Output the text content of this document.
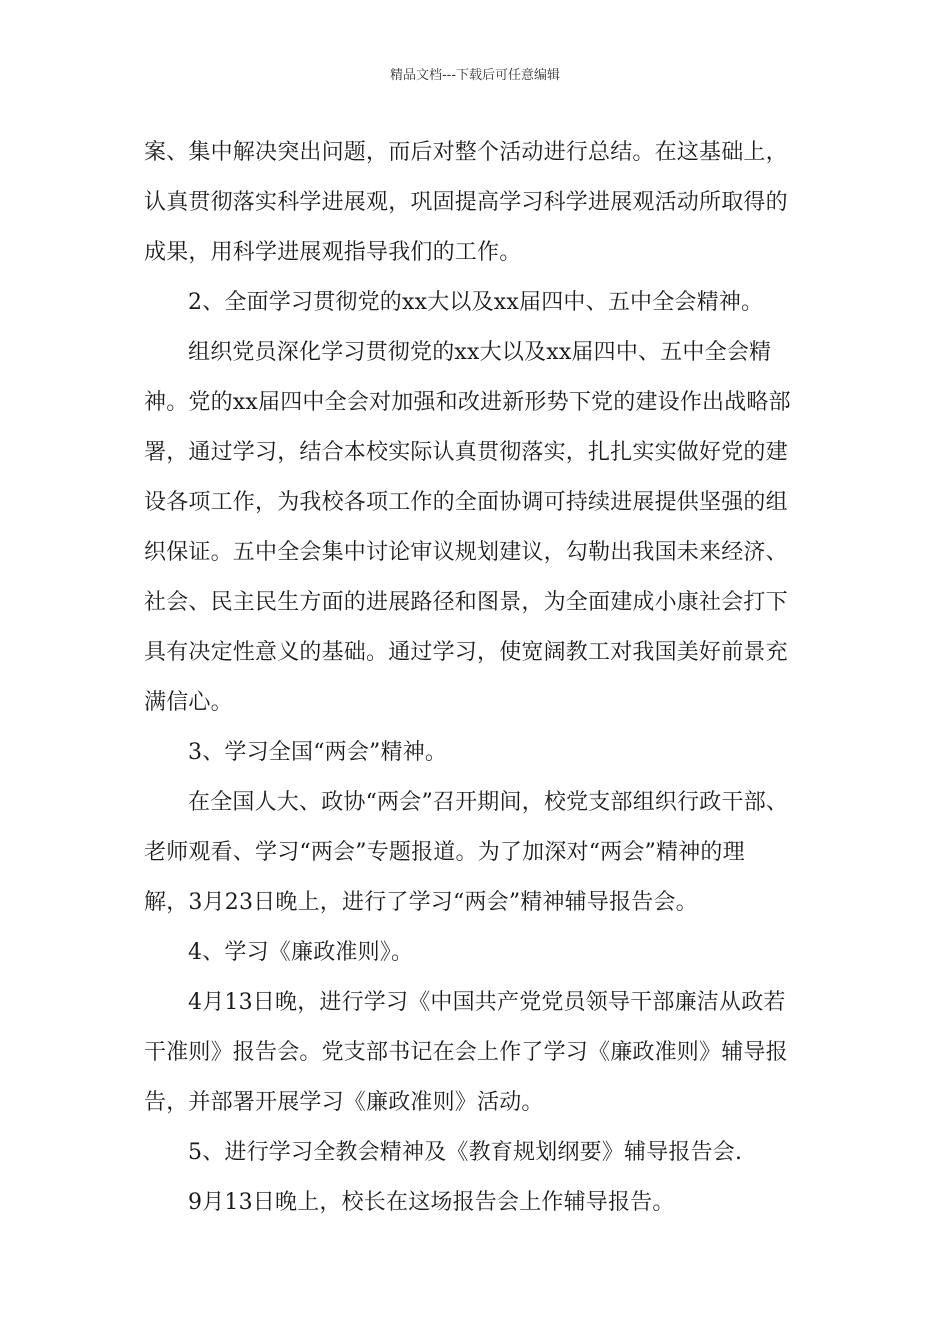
精品文档---下载后可任意编辑
案、集中解决突出问题，而后对整个活动进行总结。在这基础上，
认真贯彻落实科学进展观，巩固提高学习科学进展观活动所取得的
成果，用科学进展观指导我们的工作。
2、全面学习贯彻党的xx大以及xx届四中、五中全会精神。
组织党员深化学习贯彻党的xx大以及xx届四中、五中全会精
神。党的xx届四中全会对加强和改进新形势下党的建设作出战略部
署，通过学习，结合本校实际认真贯彻落实，扎扎实实做好党的建
设各项工作，为我校各项工作的全面协调可持续进展提供坚强的组
织保证。五中全会集中讨论审议规划建议，勾勒出我国未来经济、
社会、民主民生方面的进展路径和图景，为全面建成小康社会打下
具有决定性意义的基础。通过学习，使宽阔教工对我国美好前景充
满信心。
3、学习全国“两会”精神。
在全国人大、政协“两会”召开期间，校党支部组织行政干部、
老师观看、学习“两会”专题报道。为了加深对“两会”精神的理
解，3月23日晚上，进行了学习“两会”精神辅导报告会。
4、学习《廉政准则》。
4月13日晚，进行学习《中国共产党党员领导干部廉洁从政若
干准则》报告会。党支部书记在会上作了学习《廉政准则》辅导报
告，并部署开展学习《廉政准则》活动。
5、进行学习全教会精神及《教育规划纲要》辅导报告会.
9月13日晚上，校长在这场报告会上作辅导报告。
